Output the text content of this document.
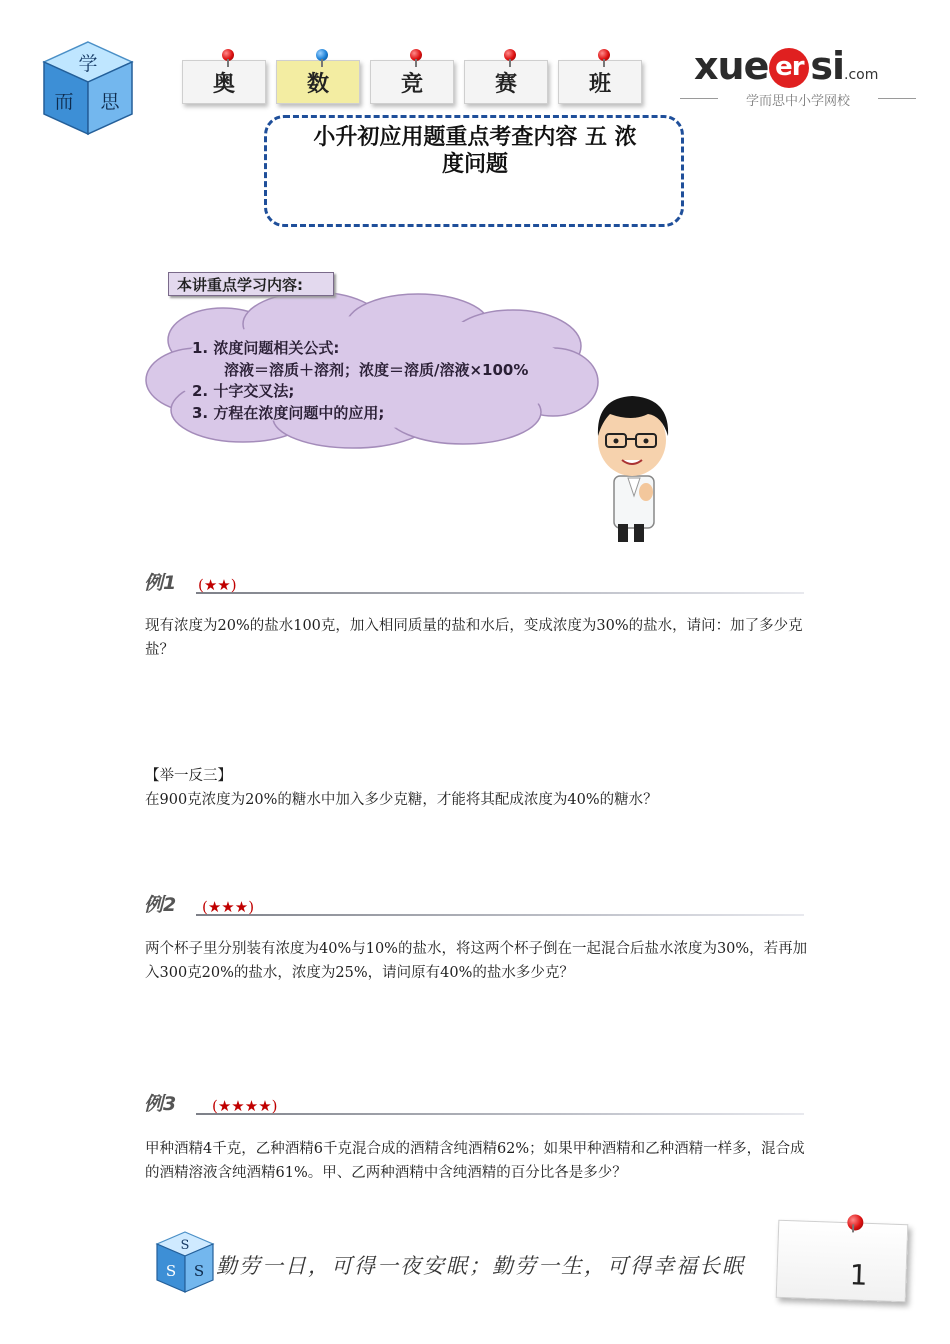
学
而 思
奥	数	竞	赛	班 xue er si.com
学而思中小学网校
小升初应用题重点考查内容 五 浓
度问题
本讲重点学习内容:
1. 浓度问题相关公式:
溶液＝溶质＋溶剂；浓度＝溶质/溶液×100%
2. 十字交叉法;
3. 方程在浓度问题中的应用;
例1 (★★)
现有浓度为20%的盐水100克，加入相同质量的盐和水后，变成浓度为30%的盐水，请问：加了多少克盐？
【举一反三】
在900克浓度为20%的糖水中加入多少克糖，才能将其配成浓度为40%的糖水？
例2 (★★★)
两个杯子里分别装有浓度为40%与10%的盐水，将这两个杯子倒在一起混合后盐水浓度为30%，若再加入300克20%的盐水，浓度为25%，请问原有40%的盐水多少克？
例3 (★★★★)
甲种酒精4千克，乙种酒精6千克混合成的酒精含纯酒精62%；如果甲种酒精和乙种酒精一样多，混合成的酒精溶液含纯酒精61%。甲、乙两种酒精中含纯酒精的百分比各是多少？
S
S S 勤劳一日，可得一夜安眠；勤劳一生，可得幸福长眠	1
